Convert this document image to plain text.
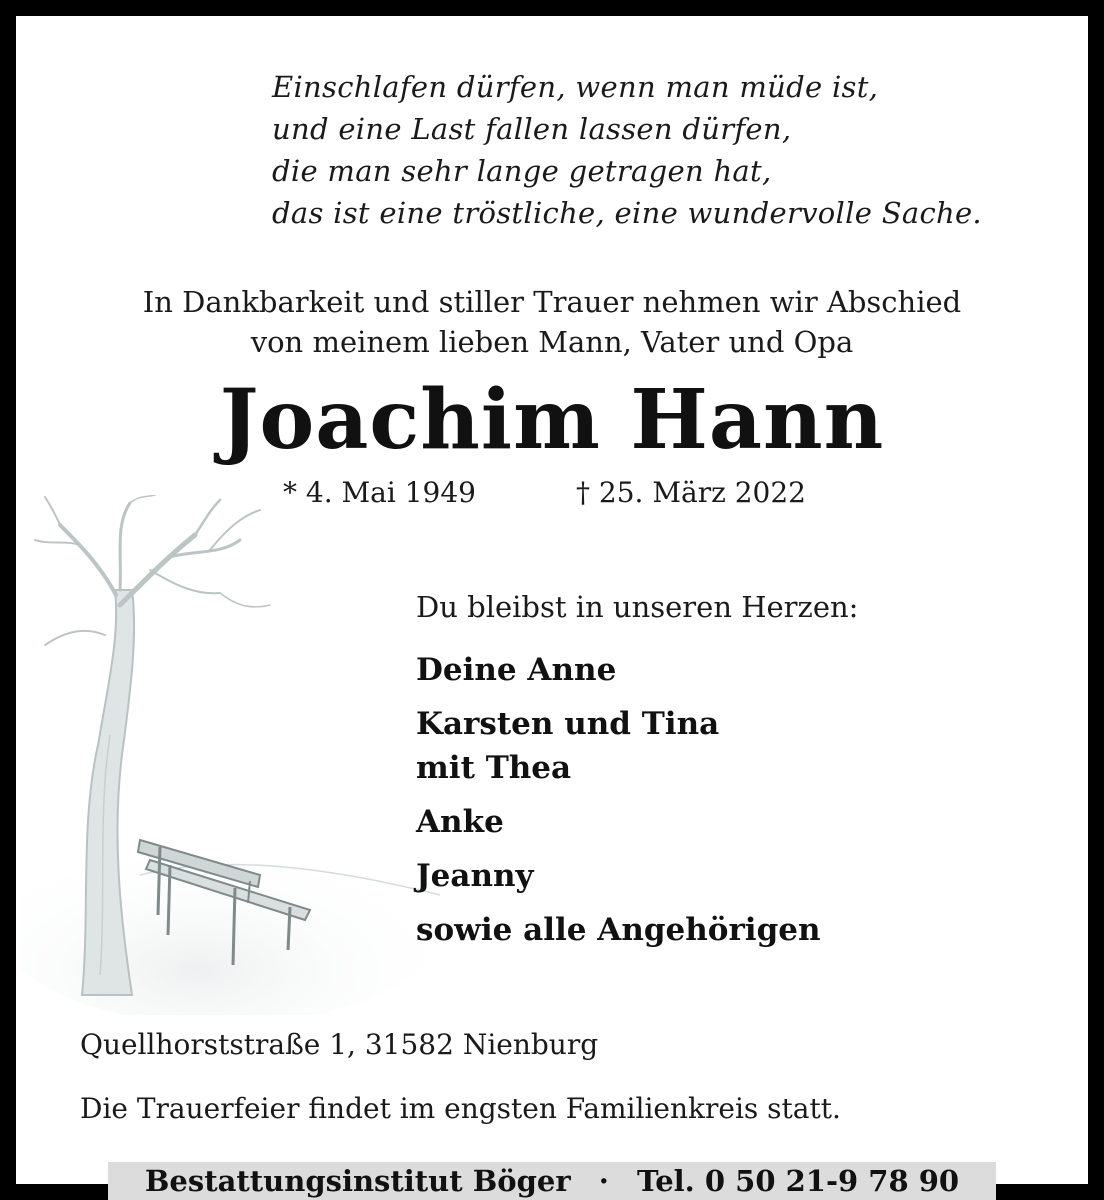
Einschlafen dürfen, wenn man müde ist,
und eine Last fallen lassen dürfen,
die man sehr lange getragen hat,
das ist eine tröstliche, eine wundervolle Sache.
In Dankbarkeit und stiller Trauer nehmen wir Abschied
von meinem lieben Mann, Vater und Opa
Joachim Hann
* 4. Mai 1949	† 25. März 2022
Du bleibst in unseren Herzen:
Deine Anne
Karsten und Tina
mit Thea
Anke
Jeanny
sowie alle Angehörigen
Quellhorststraße 1, 31582 Nienburg
Die Trauerfeier findet im engsten Familienkreis statt.
Bestattungsinstitut Böger · Tel. 0 50 21-9 78 90
